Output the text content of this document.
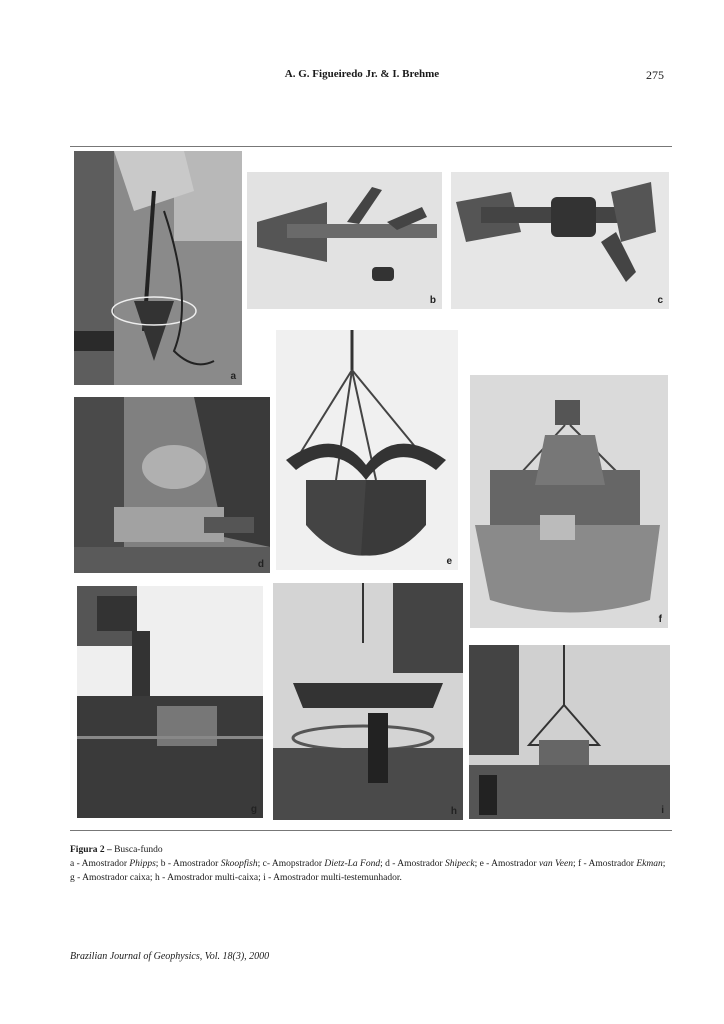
A. G. Figueiredo Jr. & I. Brehme	275
a
b	c
d	e
f
g	h	i
Figura 2 – Busca-fundo
a - Amostrador Phipps; b - Amostrador Skoopfish; c- Amopstrador Dietz-La Fond; d - Amostrador Shipeck; e - Amostrador van Veen; f - Amostrador Ekman; g - Amostrador caixa; h - Amostrador multi-caixa; i - Amostrador multi-testemunhador.
Brazilian Journal of Geophysics, Vol. 18(3), 2000
